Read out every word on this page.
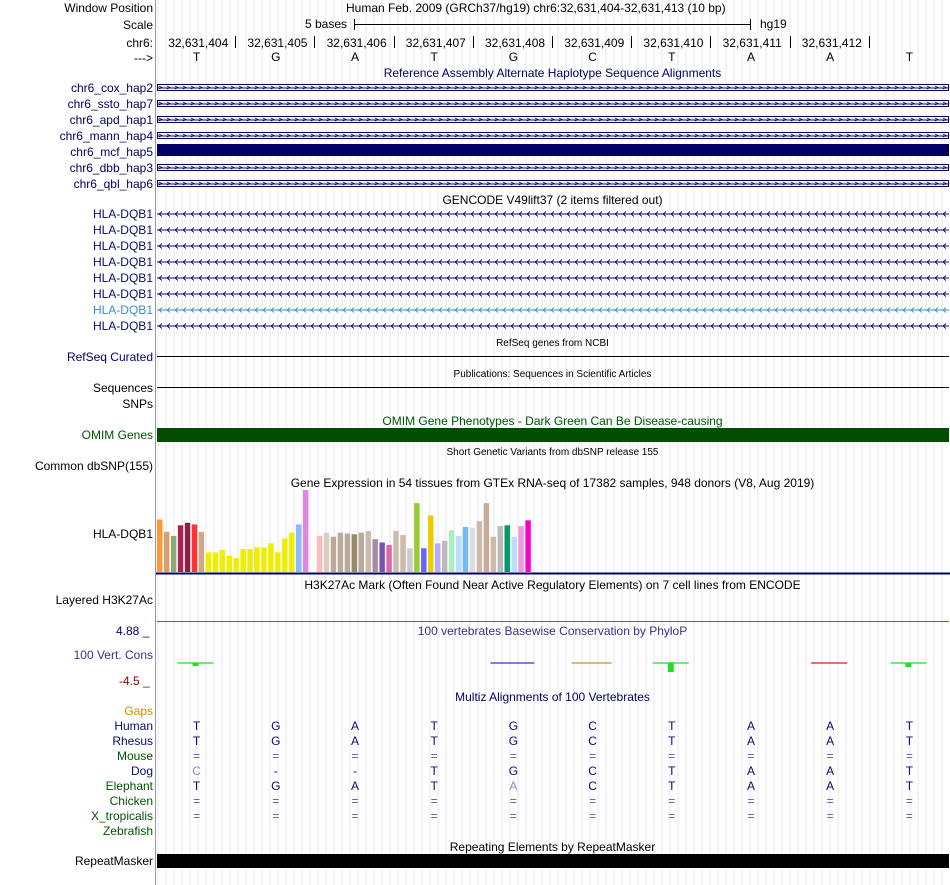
Window Position	Human Feb. 2009 (GRCh37/hg19) chr6:32,631,404-32,631,413 (10 bp)
Scale	5 bases	hg19
chr6: 32,631,404 32,631,405 32,631,406 32,631,407 32,631,408 32,631,409 32,631,410 32,631,411 32,631,412
--->	T	G	A	T	G	C	T	A	A	T
Reference Assembly Alternate Haplotype Sequence Alignments
chr6_cox_hap2
chr6_ssto_hap7
chr6_apd_hap1
chr6_mann_hap4
chr6_mcf_hap5
chr6_dbb_hap3
chr6_qbl_hap6
GENCODE V49lift37 (2 items filtered out)
HLA-DQB1
HLA-DQB1
HLA-DQB1
HLA-DQB1
HLA-DQB1
HLA-DQB1
HLA-DQB1
HLA-DQB1
RefSeq genes from NCBI
RefSeq Curated
Publications: Sequences in Scientific Articles
Sequences
SNPs
OMIM Gene Phenotypes - Dark Green Can Be Disease-causing
OMIM Genes
Short Genetic Variants from dbSNP release 155
Common dbSNP(155)
Gene Expression in 54 tissues from GTEx RNA-seq of 17382 samples, 948 donors (V8, Aug 2019)
HLA-DQB1
H3K27Ac Mark (Often Found Near Active Regulatory Elements) on 7 cell lines from ENCODE
Layered H3K27Ac
100 vertebrates Basewise Conservation by PhyloP
4.88 _
100 Vert. Cons
-4.5 _
Multiz Alignments of 100 Vertebrates
Gaps
Human	T	G	A	T	G	C	T	A	A	T
Rhesus	T	G	A	T	G	C	T	A	A	T
Mouse	=	=	=	=	=	=	=	=	=	=
Dog	C	-	-	T	G	C	T	A	A	T
Elephant	T	G	A	T	A	C	T	A	A	T
Chicken	=	=	=	=	=	=	=	=	=	=
X_tropicalis	=	=	=	=	=	=	=	=	=	=
Zebrafish
Repeating Elements by RepeatMasker
RepeatMasker
